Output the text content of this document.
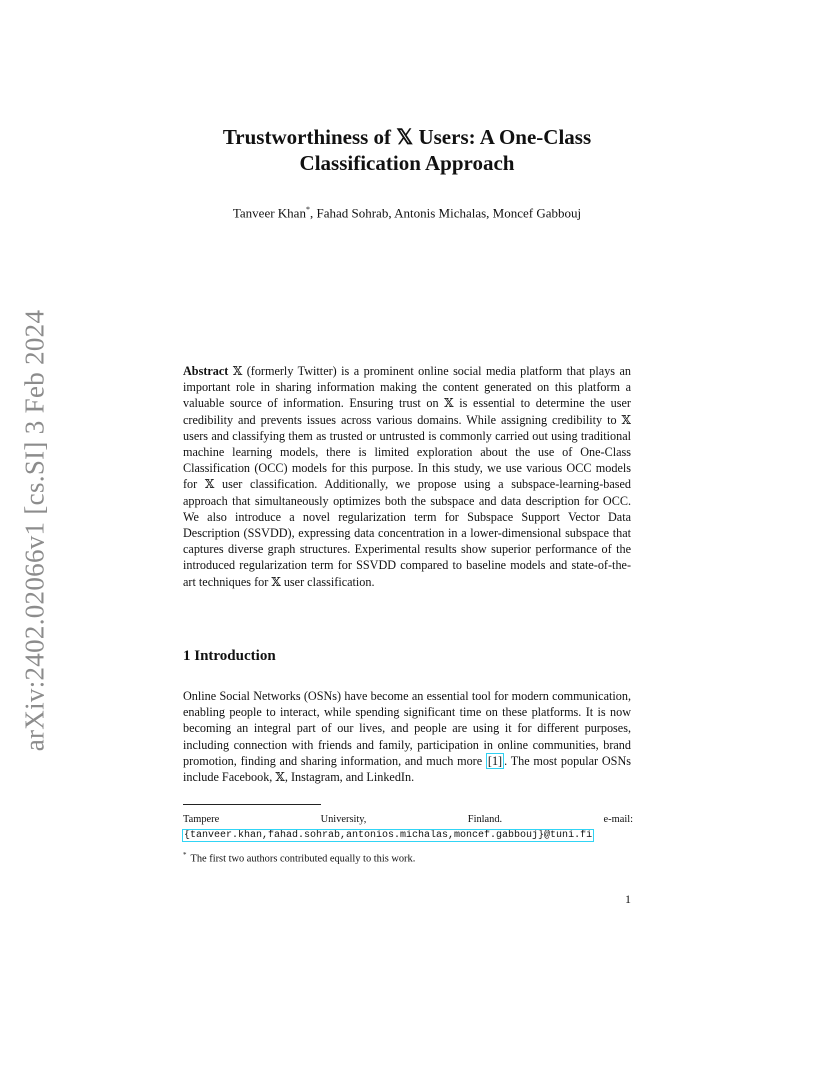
arXiv:2402.02066v1 [cs.SI] 3 Feb 2024
Trustworthiness of 𝕏 Users: A One-Class Classification Approach
Tanveer Khan*, Fahad Sohrab, Antonis Michalas, Moncef Gabbouj

Abstract 𝕏 (formerly Twitter) is a prominent online social media platform that plays an important role in sharing information making the content generated on this platform a valuable source of information. Ensuring trust on 𝕏 is essential to determine the user credibility and prevents issues across various domains. While assigning credibility to 𝕏 users and classifying them as trusted or untrusted is commonly carried out using traditional machine learning models, there is limited exploration about the use of One-Class Classification (OCC) models for this purpose. In this study, we use various OCC models for 𝕏 user classification. Additionally, we propose using a subspace-learning-based approach that simultaneously optimizes both the subspace and data description for OCC. We also introduce a novel regularization term for Subspace Support Vector Data Description (SSVDD), expressing data concentration in a lower-dimensional subspace that captures diverse graph structures. Experimental results show superior performance of the introduced regularization term for SSVDD compared to baseline models and state-of-the-art techniques for 𝕏 user classification.

1 Introduction

Online Social Networks (OSNs) have become an essential tool for modern communication, enabling people to interact, while spending significant time on these platforms. It is now becoming an integral part of our lives, and people are using it for different purposes, including connection with friends and family, participation in online communities, brand promotion, finding and sharing information, and much more [1] . The most popular OSNs include Facebook, 𝕏, Instagram, and LinkedIn.

Tampere University, Finland. e-mail: {tanveer.khan,fahad.sohrab,antonios.michalas,moncef.gabbouj}@tuni.fi

* The first two authors contributed equally to this work.

1
